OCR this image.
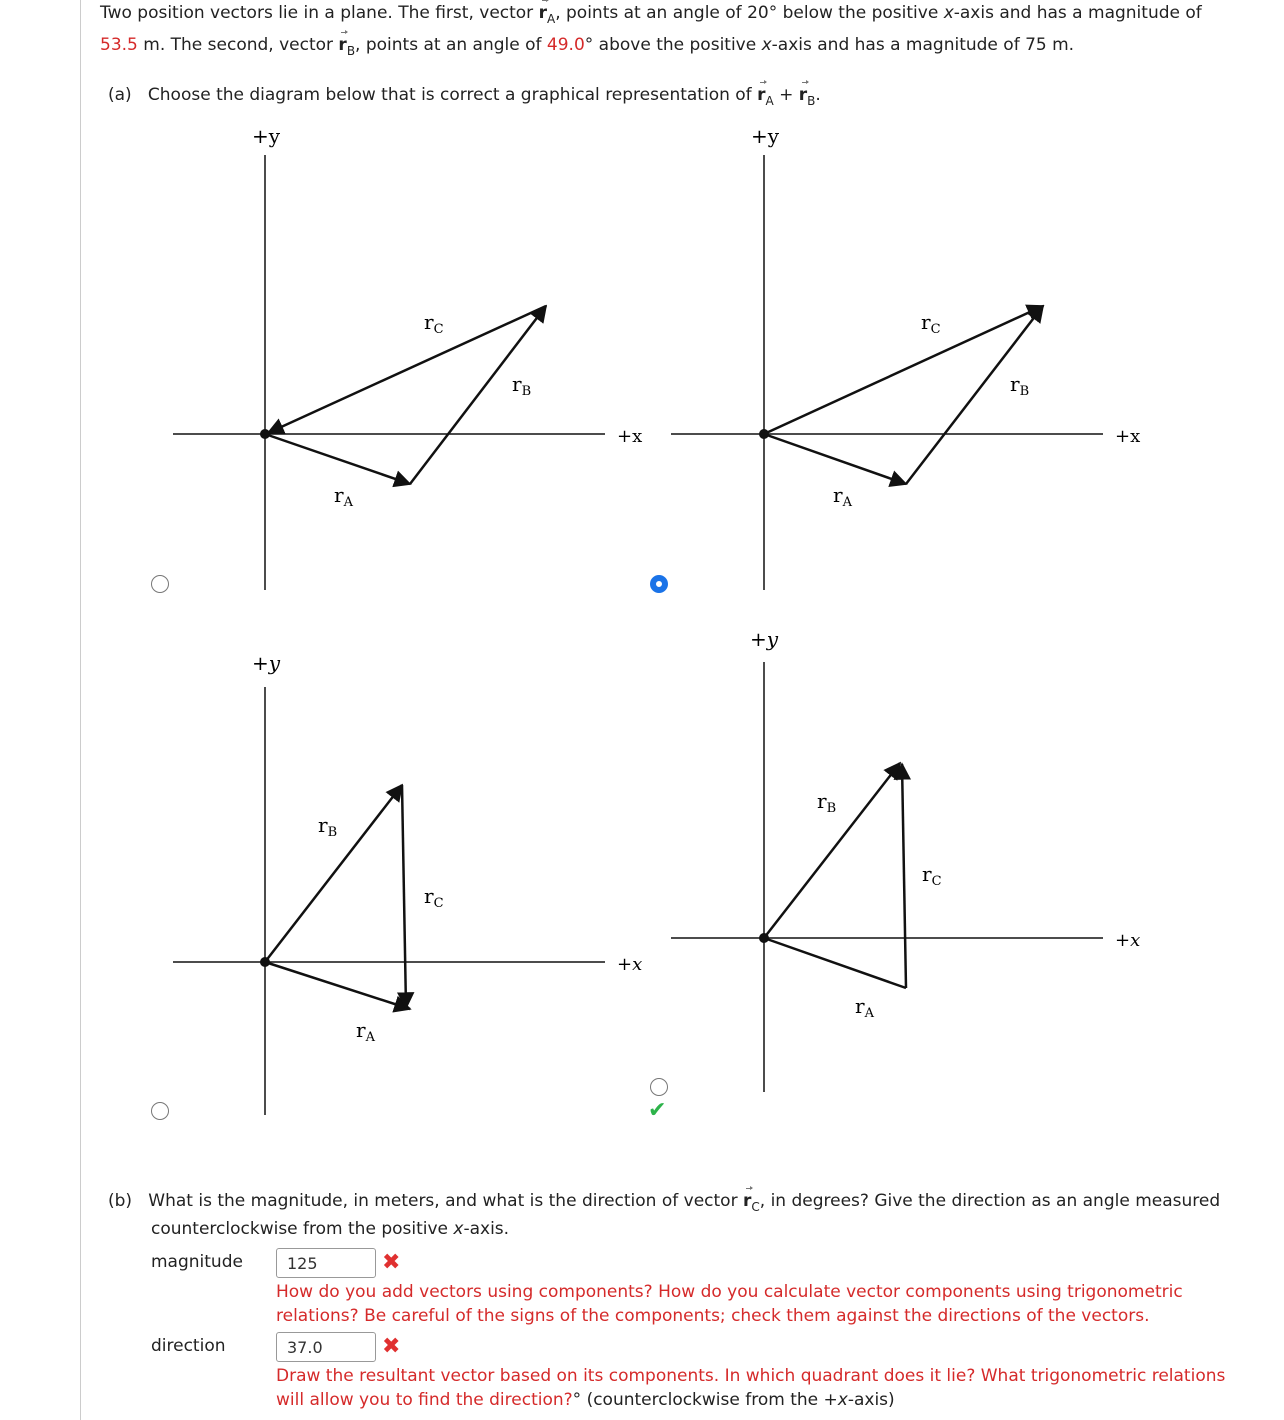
Two position vectors lie in a plane. The first, vector $r_A$, points at an angle of 20° below the positive x-axis and has a magnitude of
53.5 m. The second, vector $r_B$, points at an angle of 49.0° above the positive x-axis and has a magnitude of 75 m.
(a) Choose the diagram below that is correct a graphical representation of $r_A + r_B$.
+y
+x
$r_A$
$r_B$
$r_C$
+y
+x
$r_A$
$r_B$
$r_C$
+y
+x
$r_A$
$r_B$
$r_C$
+y
+x
$r_A$
$r_B$
$r_C$
✔
(b) What is the magnitude, in meters, and what is the direction of vector $r_C$, in degrees? Give the direction as an angle measured
counterclockwise from the positive x-axis.
magnitude	125	✖
How do you add vectors using components? How do you calculate vector components using trigonometric relations? Be careful of the signs of the components; check them against the directions of the vectors.
direction	37.0	✖
Draw the resultant vector based on its components. In which quadrant does it lie? What trigonometric relations will allow you to find the direction?° (counterclockwise from the +x-axis)
